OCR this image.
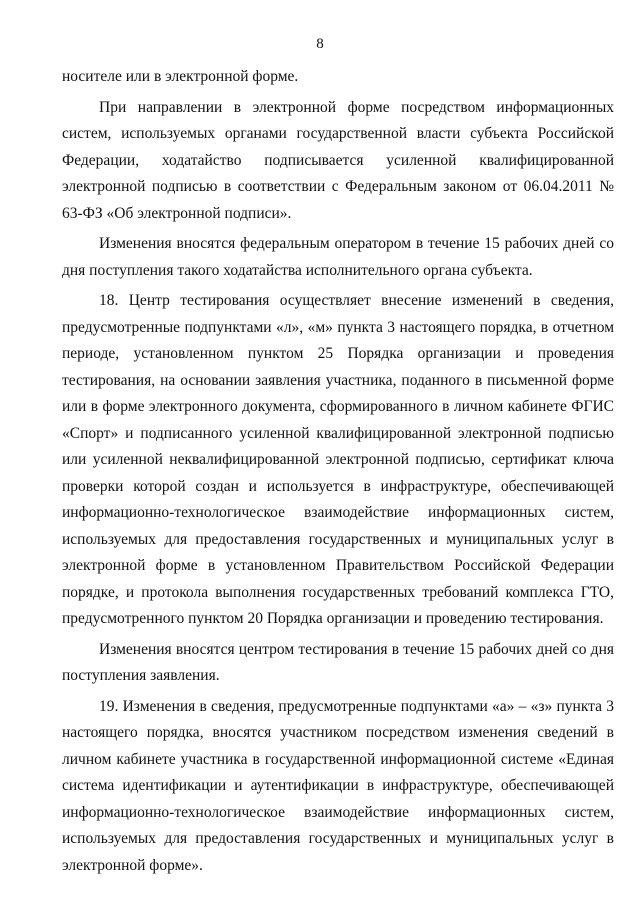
8

носителе или в электронной форме.

При направлении в электронной форме посредством информационных систем, используемых органами государственной власти субъекта Российской Федерации, ходатайство подписывается усиленной квалифицированной электронной подписью в соответствии с Федеральным законом от 06.04.2011 № 63-ФЗ «Об электронной подписи».

Изменения вносятся федеральным оператором в течение 15 рабочих дней со дня поступления такого ходатайства исполнительного органа субъекта.

18. Центр тестирования осуществляет внесение изменений в сведения, предусмотренные подпунктами «л», «м» пункта 3 настоящего порядка, в отчетном периоде, установленном пунктом 25 Порядка организации и проведения тестирования, на основании заявления участника, поданного в письменной форме или в форме электронного документа, сформированного в личном кабинете ФГИС «Спорт» и подписанного усиленной квалифицированной электронной подписью или усиленной неквалифицированной электронной подписью, сертификат ключа проверки которой создан и используется в инфраструктуре, обеспечивающей информационно-технологическое взаимодействие информационных систем, используемых для предоставления государственных и муниципальных услуг в электронной форме в установленном Правительством Российской Федерации порядке, и протокола выполнения государственных требований комплекса ГТО, предусмотренного пунктом 20 Порядка организации и проведению тестирования.

Изменения вносятся центром тестирования в течение 15 рабочих дней со дня поступления заявления.

19. Изменения в сведения, предусмотренные подпунктами «а» – «з» пункта 3 настоящего порядка, вносятся участником посредством изменения сведений в личном кабинете участника в государственной информационной системе «Единая система идентификации и аутентификации в инфраструктуре, обеспечивающей информационно-технологическое взаимодействие информационных систем, используемых для предоставления государственных и муниципальных услуг в электронной форме».
